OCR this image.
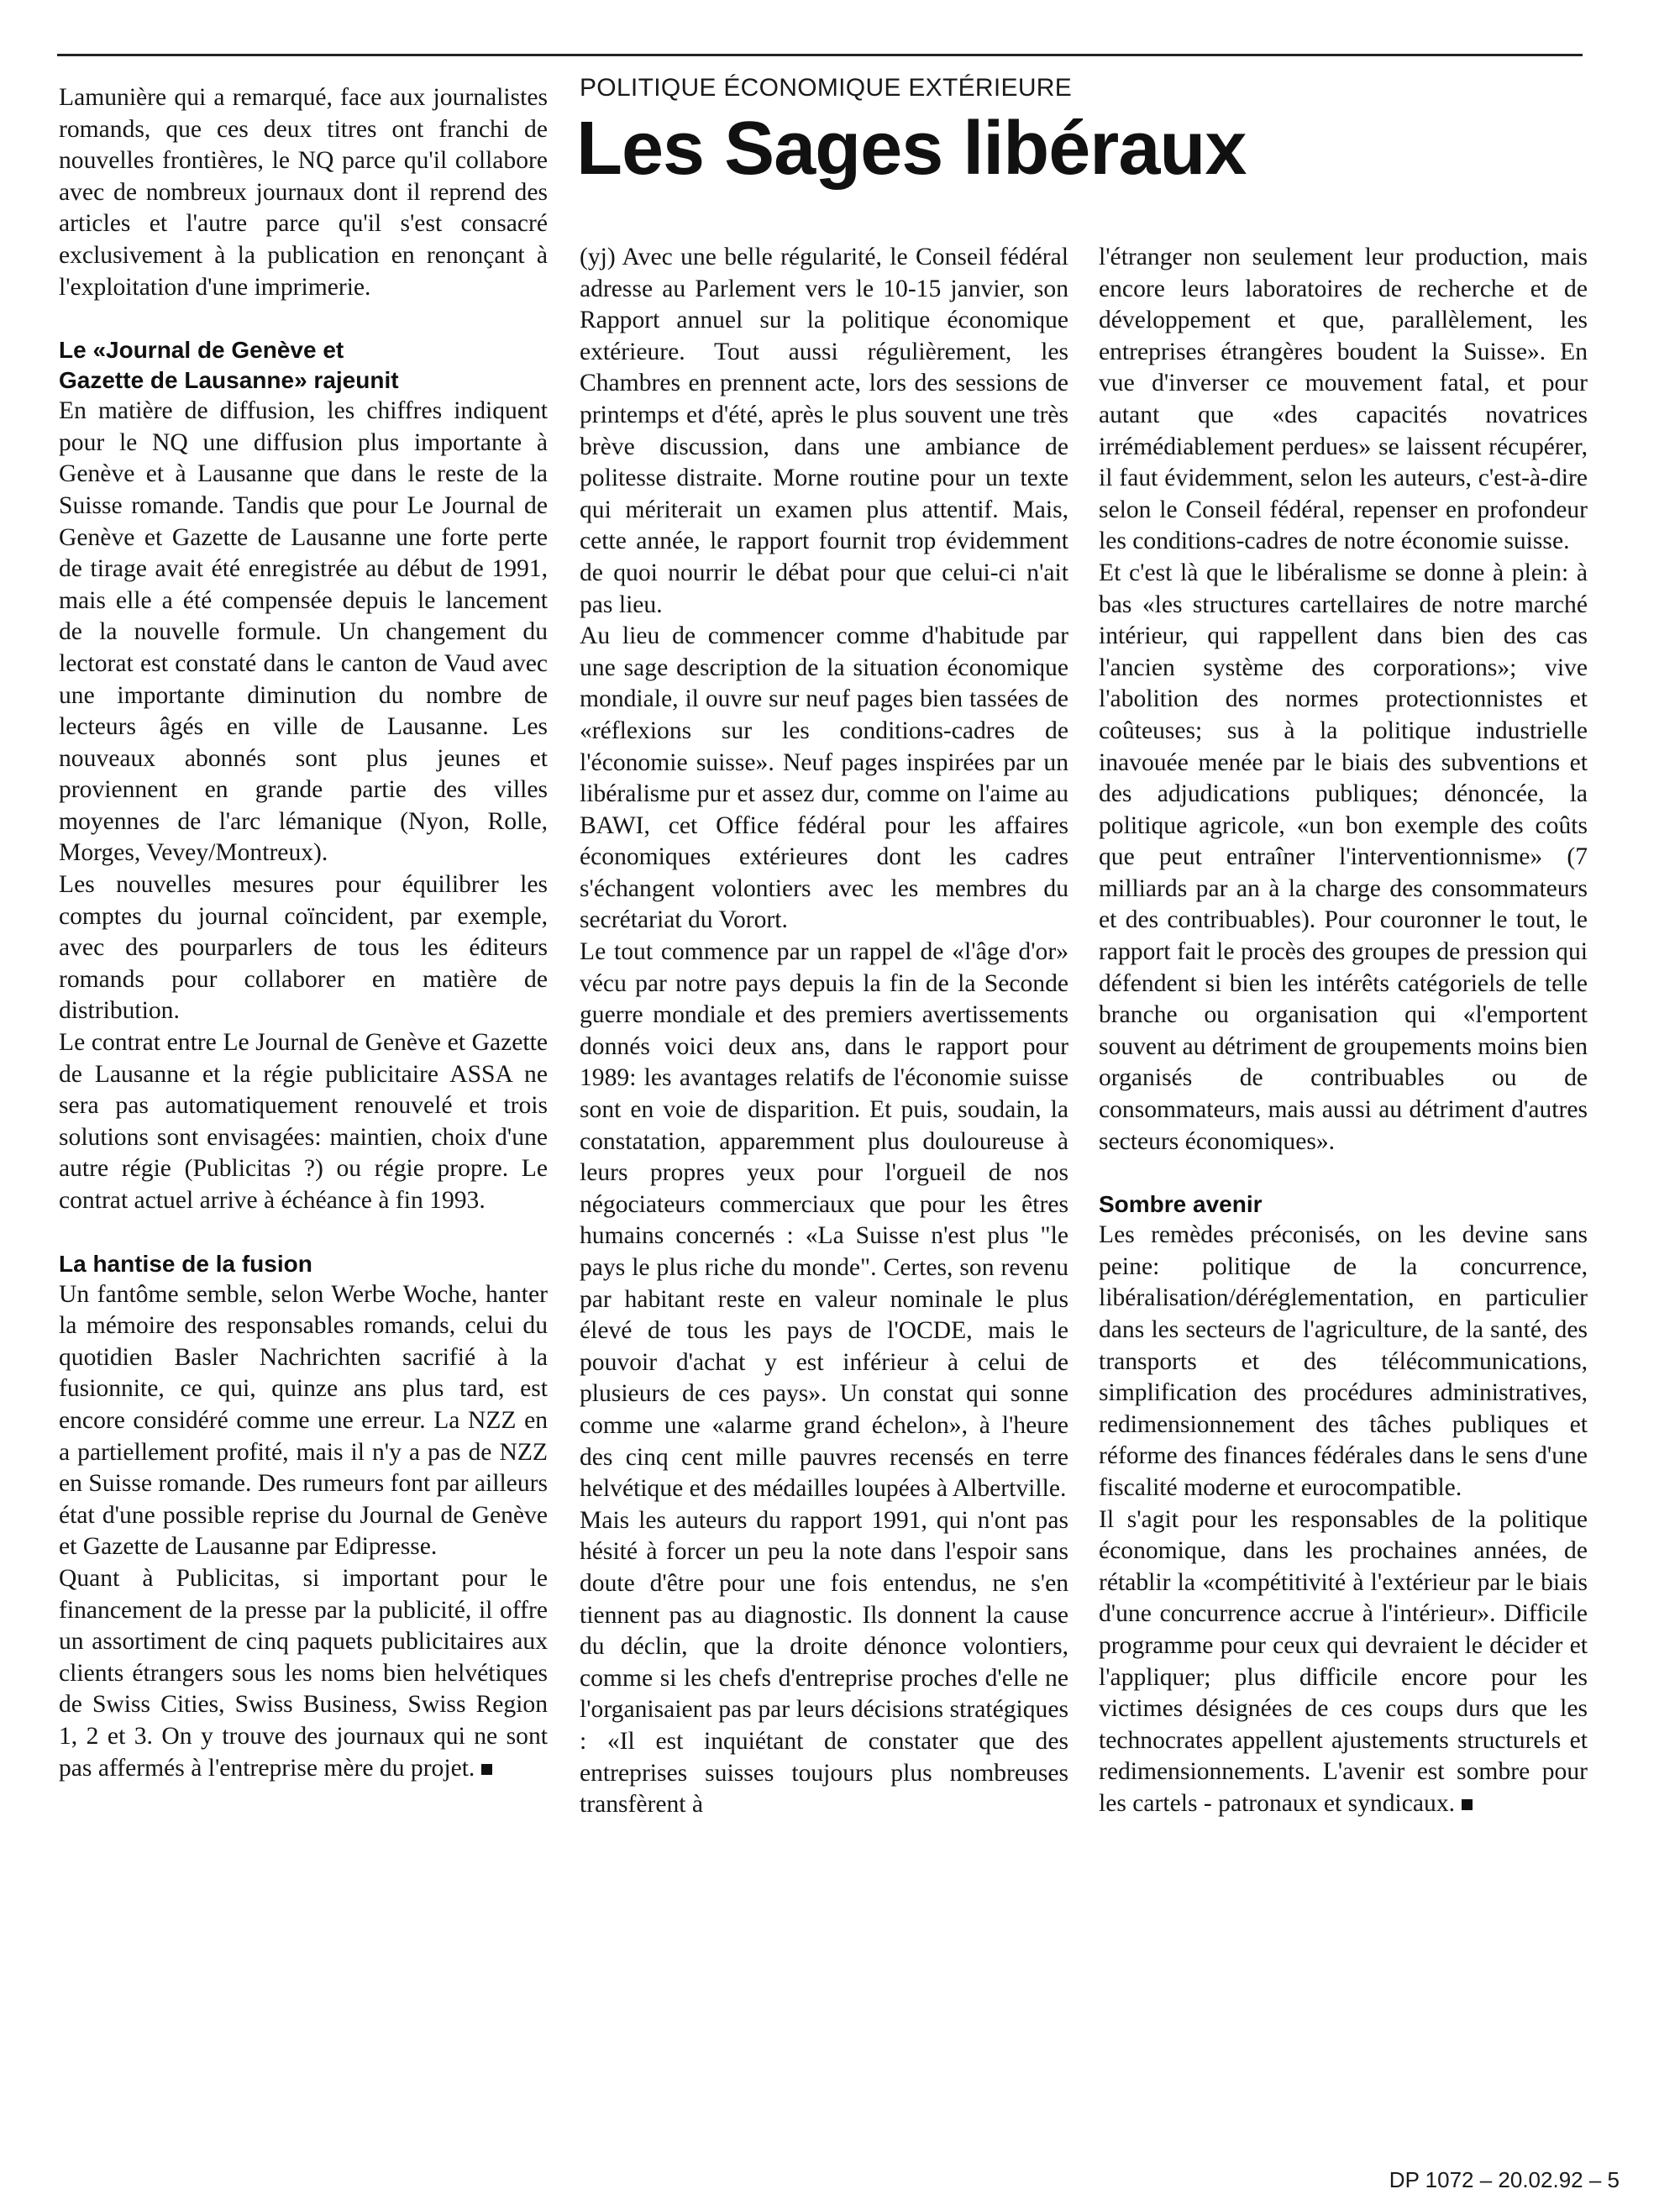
POLITIQUE ÉCONOMIQUE EXTÉRIEURE
Les Sages libéraux

Lamunière qui a remarqué, face aux journalistes romands, que ces deux titres ont franchi de nouvelles frontières, le NQ parce qu'il collabore avec de nombreux journaux dont il reprend des articles et l'autre parce qu'il s'est consacré exclusivement à la publication en renonçant à l'exploitation d'une imprimerie.

Le «Journal de Genève et
Gazette de Lausanne» rajeunit

En matière de diffusion, les chiffres indiquent pour le NQ une diffusion plus importante à Genève et à Lausanne que dans le reste de la Suisse romande. Tandis que pour Le Journal de Genève et Gazette de Lausanne une forte perte de tirage avait été enregistrée au début de 1991, mais elle a été compensée depuis le lancement de la nouvelle formule. Un changement du lectorat est constaté dans le canton de Vaud avec une importante diminution du nombre de lecteurs âgés en ville de Lausanne. Les nouveaux abonnés sont plus jeunes et proviennent en grande partie des villes moyennes de l'arc lémanique (Nyon, Rolle, Morges, Vevey/Montreux).

Les nouvelles mesures pour équilibrer les comptes du journal coïncident, par exemple, avec des pourparlers de tous les éditeurs romands pour collaborer en matière de distribution.

Le contrat entre Le Journal de Genève et Gazette de Lausanne et la régie publicitaire ASSA ne sera pas automatiquement renouvelé et trois solutions sont envisagées: maintien, choix d'une autre régie (Publicitas ?) ou régie propre. Le contrat actuel arrive à échéance à fin 1993.

La hantise de la fusion

Un fantôme semble, selon Werbe Woche, hanter la mémoire des responsables romands, celui du quotidien Basler Nachrichten sacrifié à la fusionnite, ce qui, quinze ans plus tard, est encore considéré comme une erreur. La NZZ en a partiellement profité, mais il n'y a pas de NZZ en Suisse romande. Des rumeurs font par ailleurs état d'une possible reprise du Journal de Genève et Gazette de Lausanne par Edipresse.

Quant à Publicitas, si important pour le financement de la presse par la publicité, il offre un assortiment de cinq paquets publicitaires aux clients étrangers sous les noms bien helvétiques de Swiss Cities, Swiss Business, Swiss Region 1, 2 et 3. On y trouve des journaux qui ne sont pas affermés à l'entreprise mère du projet.

(yj) Avec une belle régularité, le Conseil fédéral adresse au Parlement vers le 10-15 janvier, son Rapport annuel sur la politique économique extérieure. Tout aussi régulièrement, les Chambres en prennent acte, lors des sessions de printemps et d'été, après le plus souvent une très brève discussion, dans une ambiance de politesse distraite. Morne routine pour un texte qui mériterait un examen plus attentif. Mais, cette année, le rapport fournit trop évidemment de quoi nourrir le débat pour que celui-ci n'ait pas lieu.

Au lieu de commencer comme d'habitude par une sage description de la situation économique mondiale, il ouvre sur neuf pages bien tassées de «réflexions sur les conditions-cadres de l'économie suisse». Neuf pages inspirées par un libéralisme pur et assez dur, comme on l'aime au BAWI, cet Office fédéral pour les affaires économiques extérieures dont les cadres s'échangent volontiers avec les membres du secrétariat du Vorort.

Le tout commence par un rappel de «l'âge d'or» vécu par notre pays depuis la fin de la Seconde guerre mondiale et des premiers avertissements donnés voici deux ans, dans le rapport pour 1989: les avantages relatifs de l'économie suisse sont en voie de disparition. Et puis, soudain, la constatation, apparemment plus douloureuse à leurs propres yeux pour l'orgueil de nos négociateurs commerciaux que pour les êtres humains concernés : «La Suisse n'est plus "le pays le plus riche du monde". Certes, son revenu par habitant reste en valeur nominale le plus élevé de tous les pays de l'OCDE, mais le pouvoir d'achat y est inférieur à celui de plusieurs de ces pays». Un constat qui sonne comme une «alarme grand échelon», à l'heure des cinq cent mille pauvres recensés en terre helvétique et des médailles loupées à Albertville.

Mais les auteurs du rapport 1991, qui n'ont pas hésité à forcer un peu la note dans l'espoir sans doute d'être pour une fois entendus, ne s'en tiennent pas au diagnostic. Ils donnent la cause du déclin, que la droite dénonce volontiers, comme si les chefs d'entreprise proches d'elle ne l'organisaient pas par leurs décisions stratégiques : «Il est inquiétant de constater que des entreprises suisses toujours plus nombreuses transfèrent à

l'étranger non seulement leur production, mais encore leurs laboratoires de recherche et de développement et que, parallèlement, les entreprises étrangères boudent la Suisse». En vue d'inverser ce mouvement fatal, et pour autant que «des capacités novatrices irrémédiablement perdues» se laissent récupérer, il faut évidemment, selon les auteurs, c'est-à-dire selon le Conseil fédéral, repenser en profondeur les conditions-cadres de notre économie suisse.

Et c'est là que le libéralisme se donne à plein: à bas «les structures cartellaires de notre marché intérieur, qui rappellent dans bien des cas l'ancien système des corporations»; vive l'abolition des normes protectionnistes et coûteuses; sus à la politique industrielle inavouée menée par le biais des subventions et des adjudications publiques; dénoncée, la politique agricole, «un bon exemple des coûts que peut entraîner l'interventionnisme» (7 milliards par an à la charge des consommateurs et des contribuables). Pour couronner le tout, le rapport fait le procès des groupes de pression qui défendent si bien les intérêts catégoriels de telle branche ou organisation qui «l'emportent souvent au détriment de groupements moins bien organisés de contribuables ou de consommateurs, mais aussi au détriment d'autres secteurs économiques».

Sombre avenir

Les remèdes préconisés, on les devine sans peine: politique de la concurrence, libéralisation/déréglementation, en particulier dans les secteurs de l'agriculture, de la santé, des transports et des télécommunications, simplification des procédures administratives, redimensionnement des tâches publiques et réforme des finances fédérales dans le sens d'une fiscalité moderne et eurocompatible.

Il s'agit pour les responsables de la politique économique, dans les prochaines années, de rétablir la «compétitivité à l'extérieur par le biais d'une concurrence accrue à l'intérieur». Difficile programme pour ceux qui devraient le décider et l'appliquer; plus difficile encore pour les victimes désignées de ces coups durs que les technocrates appellent ajustements structurels et redimensionnements. L'avenir est sombre pour les cartels - patronaux et syndicaux.

DP 1072 – 20.02.92 – 5
